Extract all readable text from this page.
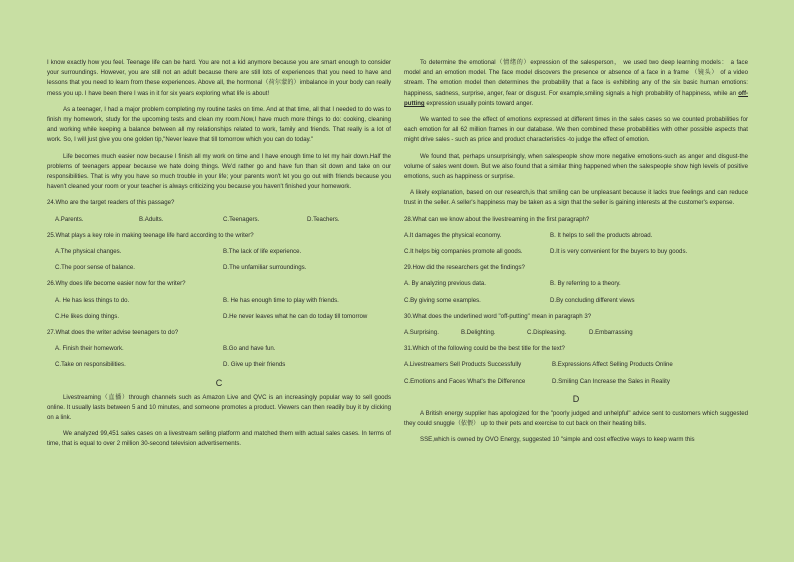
I know exactly how you feel. Teenage life can be hard. You are not a kid anymore because you are smart enough to consider your surroundings. However, you are still not an adult because there are still lots of experiences that you need to have and lessons that you need to learn from these experiences. Above all, the hormonal（荷尔蒙的）imbalance in your body can really mess you up. I have been there I was in it for six years exploring what life is about!

As a teenager, I had a major problem completing my routine tasks on time. And at that time, all that I needed to do was to finish my homework, study for the upcoming tests and clean my room.Now,I have much more things to do: cooking, cleaning and working while keeping a balance between all my relationships related to work, family and friends. That really is a lot of work. So, I will just give you one golden tip,"Never leave that till tomorrow which you can do today."

Life becomes much easier now because I finish all my work on time and I have enough time to let my hair down.Half the problems of teenagers appear because we hate doing things. We'd rather go and have fun than sit down and take on our responsibilities. That is why you have so much trouble in your life; your parents won't let you go out with friends because you haven't cleaned your room or your teacher is always criticizing you because you haven't finished your homework.

24.Who are the target readers of this passage?
A.Parents.	B.Adults.	C.Teenagers.	D.Teachers.
25.What plays a key role in making teenage life hard according to the writer?
A.The physical changes.	B.The lack of life experience.
C.The poor sense of balance.	D.The unfamiliar surroundings.
26.Why does life become easier now for the writer?
A. He has less things to do.	B. He has enough time to play with friends.
C.He likes doing things.	D.He never leaves what he can do today till tomorrow
27.What does the writer advise teenagers to do?
A. Finish their homework.	B.Go and have fun.
C.Take on responsibilities.	D. Give up their friends
C

Livestreaming（直播）through channels such as Amazon Live and QVC is an increasingly popular way to sell goods online. It usually lasts between 5 and 10 minutes, and someone promotes a product. Viewers can then readily buy it by clicking on a link.

We analyzed 99,451 sales cases on a livestream selling platform and matched them with actual sales cases. In terms of time, that is equal to over 2 million 30-second television advertisements.

To determine the emotional（情绪的）expression of the salesperson， we used two deep learning models： a face model and an emotion model. The face model discovers the presence or absence of a face in a frame （镜头） of a video stream. The emotion model then determines the probability that a face is exhibiting any of the six basic human emotions: happiness, sadness, surprise, anger, fear or disgust. For example,smiling signals a high probability of happiness, while an off-putting expression usually points toward anger.

We wanted to see the effect of emotions expressed at different times in the sales cases so we counted probabilities for each emotion for all 62 million frames in our database. We then combined these probabilities with other possible aspects that might drive sales - such as price and product characteristics -to judge the effect of emotion.

We found that, perhaps unsurprisingly, when salespeople show more negative emotions-such as anger and disgust-the volume of sales went down. But we also found that a similar thing happened when the salespeople show high levels of positive emotions, such as happiness or surprise.

A likely explanation, based on our research,is that smiling can be unpleasant because it lacks true feelings and can reduce trust in the seller. A seller's happiness may be taken as a sign that the seller is gaining interests at the customer's expense.

28.What can we know about the livestreaming in the first paragraph?
A.It damages the physical economy.	B. It helps to sell the products abroad.
C.It helps big companies promote all goods.	D.It is very convenient for the buyers to buy goods.
29.How did the researchers get the findings?
A. By analyzing previous data.	B. By referring to a theory.
C.By giving some examples.	D.By concluding different views
30.What does the underlined word "off-putting" mean in paragraph 3?
A.Surprising.	B.Delighting.	C.Displeasing.	D.Embarrassing
31.Which of the following could be the best title for the text?
A.Livestreamers Sell Products Successfully	B.Expressions Affect Selling Products Online
C.Emotions and Faces What's the Difference	D.Smiling Can Increase the Sales in Reality
D

A British energy supplier has apologized for the "poorly judged and unhelpful" advice sent to customers which suggested they could snuggle（依偎） up to their pets and exercise to cut back on their heating bills.

SSE,which is owned by OVO Energy, suggested 10 "simple and cost effective ways to keep warm this
